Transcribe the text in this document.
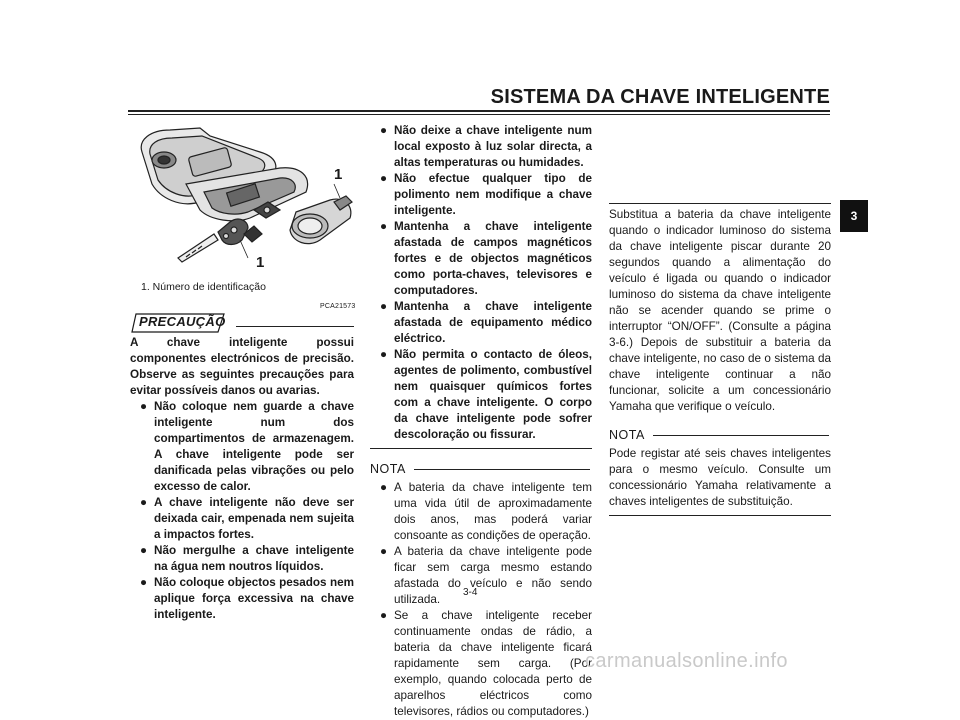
SISTEMA DA CHAVE INTELIGENTE
3
1
1
1. Número de identificação
PCA21573
PRECAUÇÃO

A chave inteligente possui componentes electrónicos de precisão. Observe as seguintes precauções para evitar possíveis danos ou avarias.

● Não coloque nem guarde a chave inteligente num dos compartimentos de armazenagem. A chave inteligente pode ser danificada pelas vibrações ou pelo excesso de calor.
● A chave inteligente não deve ser deixada cair, empenada nem sujeita a impactos fortes.
● Não mergulhe a chave inteligente na água nem noutros líquidos.
● Não coloque objectos pesados nem aplique força excessiva na chave inteligente.
● Não deixe a chave inteligente num local exposto à luz solar directa, a altas temperaturas ou humidades.
● Não efectue qualquer tipo de polimento nem modifique a chave inteligente.
● Mantenha a chave inteligente afastada de campos magnéticos fortes e de objectos magnéticos como porta-chaves, televisores e computadores.
● Mantenha a chave inteligente afastada de equipamento médico eléctrico.
● Não permita o contacto de óleos, agentes de polimento, combustível nem quaisquer químicos fortes com a chave inteligente. O corpo da chave inteligente pode sofrer descoloração ou fissurar.
NOTA
● A bateria da chave inteligente tem uma vida útil de aproximadamente dois anos, mas poderá variar consoante as condições de operação.
● A bateria da chave inteligente pode ficar sem carga mesmo estando afastada do veículo e não sendo utilizada.
● Se a chave inteligente receber continuamente ondas de rádio, a bateria da chave inteligente ficará rapidamente sem carga. (Por exemplo, quando colocada perto de aparelhos eléctricos como televisores, rádios ou computadores.)

Substitua a bateria da chave inteligente quando o indicador luminoso do sistema da chave inteligente piscar durante 20 segundos quando a alimentação do veículo é ligada ou quando o indicador luminoso do sistema da chave inteligente não se acender quando se prime o interruptor “ON/OFF”. (Consulte a página 3-6.) Depois de substituir a bateria da chave inteligente, no caso de o sistema da chave inteligente continuar a não funcionar, solicite a um concessionário Yamaha que verifique o veículo.

NOTA

Pode registar até seis chaves inteligentes para o mesmo veículo. Consulte um concessionário Yamaha relativamente a chaves inteligentes de substituição.

3-4
carmanualsonline.info
